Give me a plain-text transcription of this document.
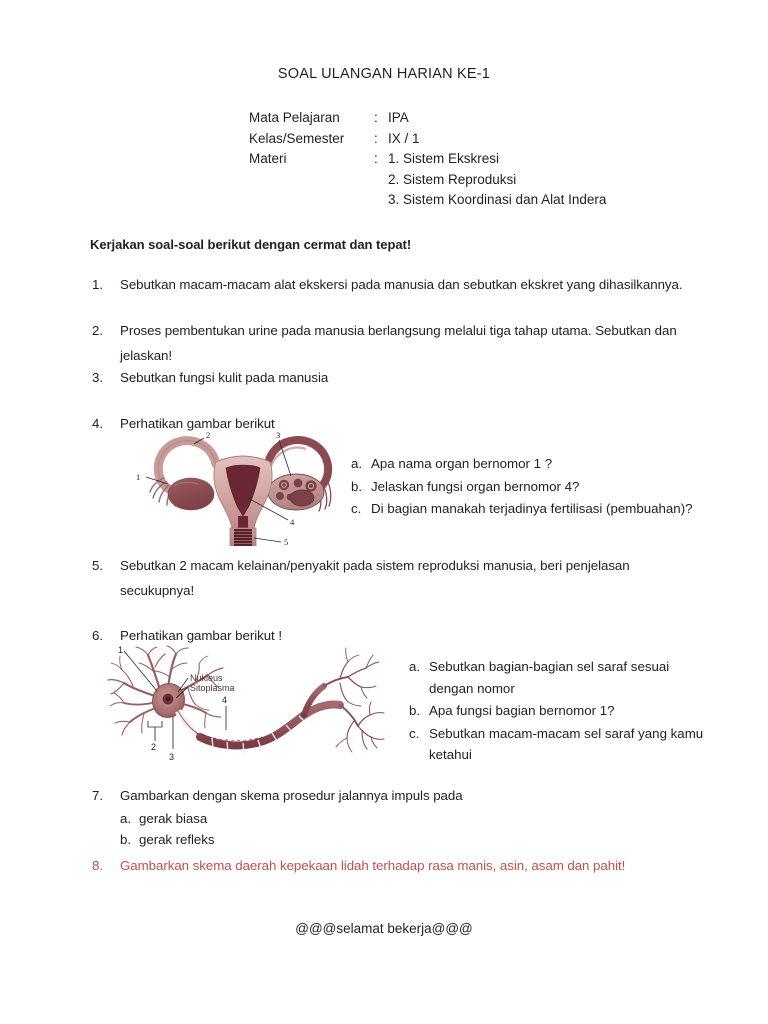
SOAL ULANGAN HARIAN KE-1
Mata Pelajaran	: IPA
Kelas/Semester	: IX / 1
Materi	: 1. Sistem Ekskresi
2. Sistem Reproduksi
3. Sistem Koordinasi dan Alat Indera
Kerjakan soal-soal berikut dengan cermat dan tepat!
1.	Sebutkan macam-macam alat ekskersi pada manusia dan sebutkan ekskret yang dihasilkannya.
2.	Proses pembentukan urine pada manusia berlangsung melalui tiga tahap utama. Sebutkan dan jelaskan!
3.	Sebutkan fungsi kulit pada manusia
4.	Perhatikan gambar berikut
1
2	3
4
5
a. Apa nama organ bernomor 1 ?
b. Jelaskan fungsi organ bernomor 4?
c. Di bagian manakah terjadinya fertilisasi (pembuahan)?
5.	Sebutkan 2 macam kelainan/penyakit pada sistem reproduksi manusia, beri penjelasan secukupnya!
6.	Perhatikan gambar berikut !
Nukleus
Sitoplasma
1
2
3
4
a. Sebutkan bagian-bagian sel saraf sesuai dengan nomor
b. Apa fungsi bagian bernomor 1?
c. Sebutkan macam-macam sel saraf yang kamu ketahui
7.	Gambarkan dengan skema prosedur jalannya impuls pada
a. gerak biasa
b. gerak refleks
8.	Gambarkan skema daerah kepekaan lidah terhadap rasa manis, asin, asam dan pahit!
@@@selamat bekerja@@@
